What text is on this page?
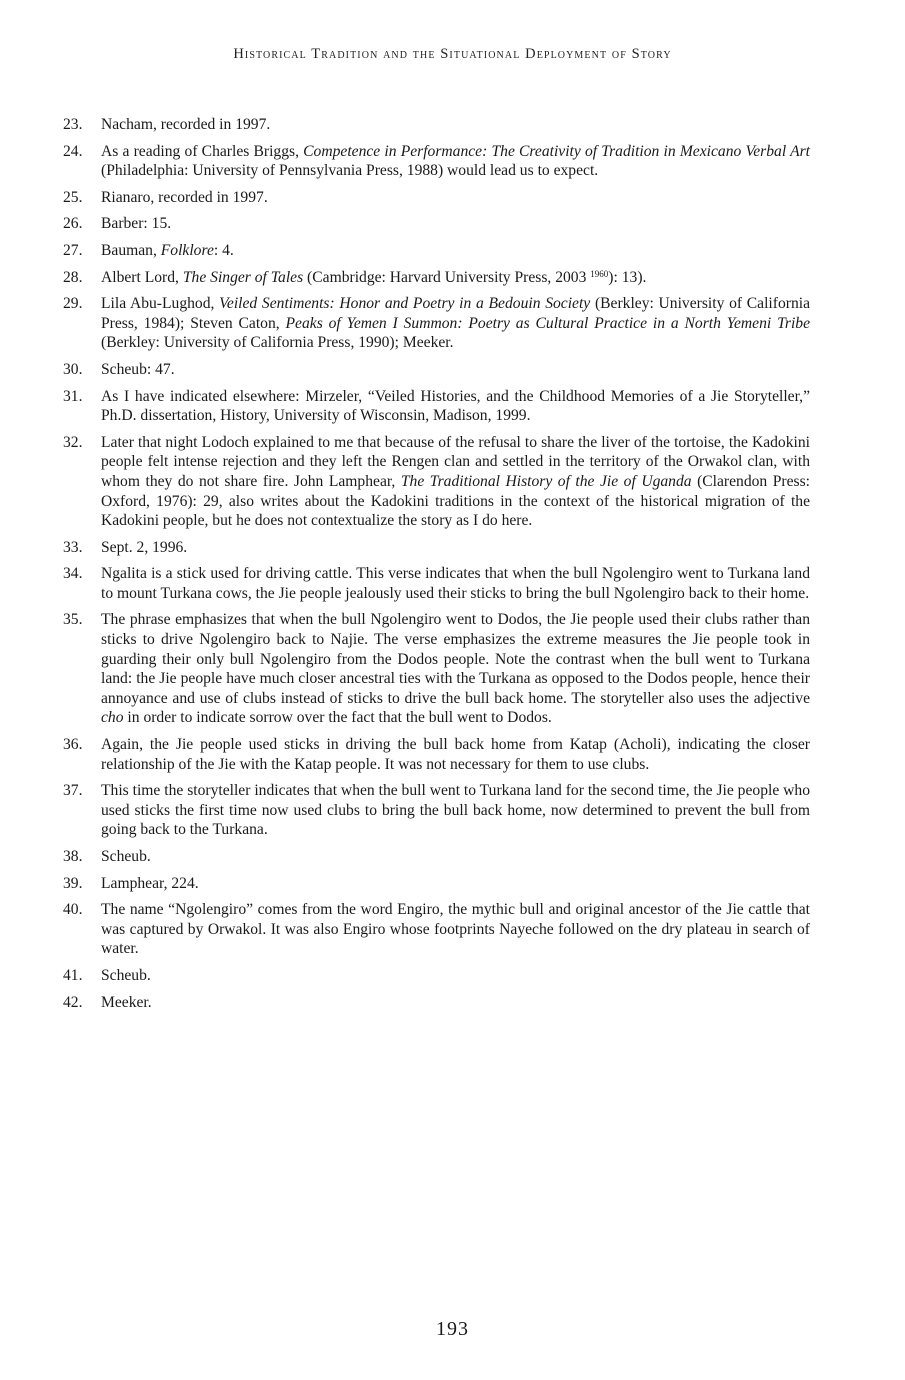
Historical Tradition and the Situational Deployment of Story
23. Nacham, recorded in 1997.
24. As a reading of Charles Briggs, Competence in Performance: The Creativity of Tradition in Mexicano Verbal Art (Philadelphia: University of Pennsylvania Press, 1988) would lead us to expect.
25. Rianaro, recorded in 1997.
26. Barber: 15.
27. Bauman, Folklore: 4.
28. Albert Lord, The Singer of Tales (Cambridge: Harvard University Press, 2003 $^{1960}$): 13).
29. Lila Abu-Lughod, Veiled Sentiments: Honor and Poetry in a Bedouin Society (Berkley: University of California Press, 1984); Steven Caton, Peaks of Yemen I Summon: Poetry as Cultural Practice in a North Yemeni Tribe (Berkley: University of California Press, 1990); Meeker.
30. Scheub: 47.
31. As I have indicated elsewhere: Mirzeler, “Veiled Histories, and the Childhood Memories of a Jie Storyteller,” Ph.D. dissertation, History, University of Wisconsin, Madison, 1999.
32. Later that night Lodoch explained to me that because of the refusal to share the liver of the tortoise, the Kadokini people felt intense rejection and they left the Rengen clan and settled in the territory of the Orwakol clan, with whom they do not share fire. John Lamphear, The Traditional History of the Jie of Uganda (Clarendon Press: Oxford, 1976): 29, also writes about the Kadokini traditions in the context of the historical migration of the Kadokini people, but he does not contextualize the story as I do here.
33. Sept. 2, 1996.
34. Ngalita is a stick used for driving cattle. This verse indicates that when the bull Ngolengiro went to Turkana land to mount Turkana cows, the Jie people jealously used their sticks to bring the bull Ngolengiro back to their home.
35. The phrase emphasizes that when the bull Ngolengiro went to Dodos, the Jie people used their clubs rather than sticks to drive Ngolengiro back to Najie. The verse emphasizes the extreme measures the Jie people took in guarding their only bull Ngolengiro from the Dodos people. Note the contrast when the bull went to Turkana land: the Jie people have much closer ancestral ties with the Turkana as opposed to the Dodos people, hence their annoyance and use of clubs instead of sticks to drive the bull back home. The storyteller also uses the adjective cho in order to indicate sorrow over the fact that the bull went to Dodos.
36. Again, the Jie people used sticks in driving the bull back home from Katap (Acholi), indicating the closer relationship of the Jie with the Katap people. It was not necessary for them to use clubs.
37. This time the storyteller indicates that when the bull went to Turkana land for the second time, the Jie people who used sticks the first time now used clubs to bring the bull back home, now determined to prevent the bull from going back to the Turkana.
38. Scheub.
39. Lamphear, 224.
40. The name “Ngolengiro” comes from the word Engiro, the mythic bull and original ancestor of the Jie cattle that was captured by Orwakol. It was also Engiro whose footprints Nayeche followed on the dry plateau in search of water.
41. Scheub.
42. Meeker.
193
